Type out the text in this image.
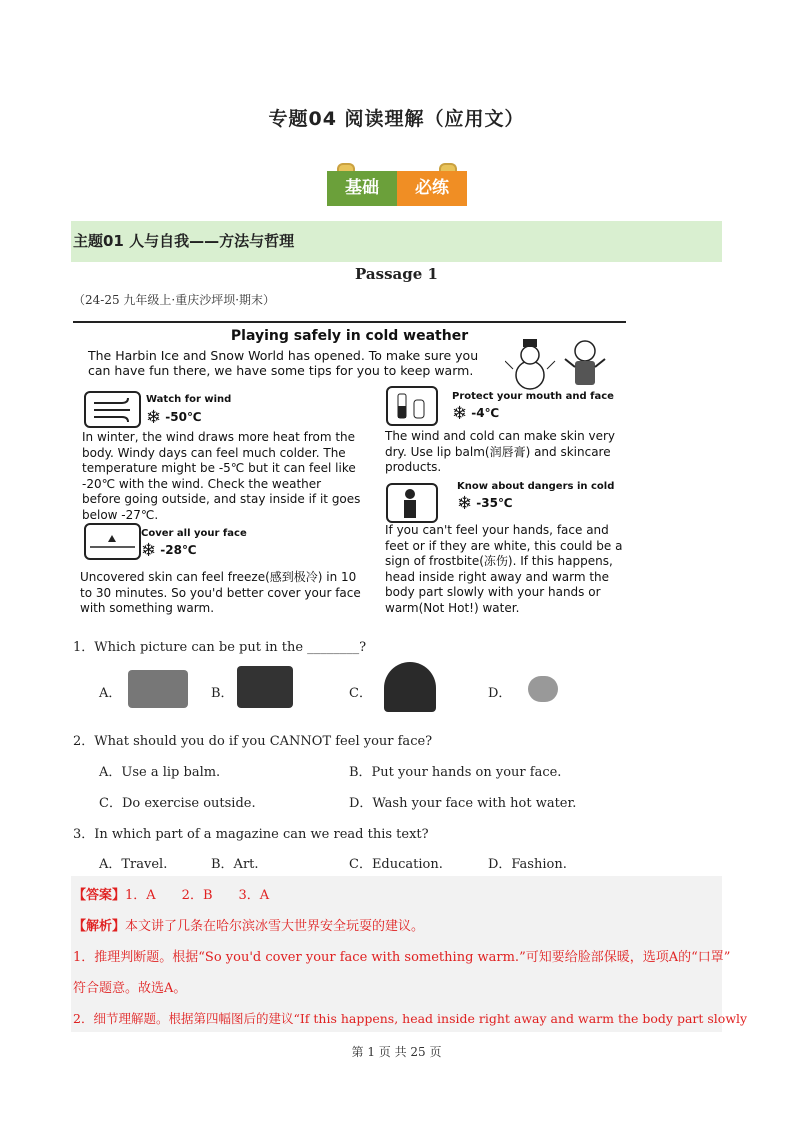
专题04 阅读理解（应用文）
基础	必练
主题01 人与自我——方法与哲理
Passage 1
（24-25 九年级上·重庆沙坪坝·期末）
Playing safely in cold weather
The Harbin Ice and Snow World has opened. To make sure you can have fun there, we have some tips for you to keep warm.
Watch for wind
❄ -50℃
In winter, the wind draws more heat from the body. Windy days can feel much colder. The temperature might be -5℃ but it can feel like -20℃ with the wind. Check the weather before going outside, and stay inside if it goes below -27℃.
Cover all your face
❄ -28℃
Uncovered skin can feel freeze(感到极冷) in 10 to 30 minutes. So you'd better cover your face with something warm.
Protect your mouth and face
❄ -4℃
The wind and cold can make skin very dry. Use lip balm(润唇膏) and skincare products.
Know about dangers in cold
❄ -35℃
If you can't feel your hands, face and feet or if they are white, this could be a sign of frostbite(冻伤). If this happens, head inside right away and warm the body part slowly with your hands or warm(Not Hot!) water.
1．Which picture can be put in the ________?
A．	B．	C．	D．
2．What should you do if you CANNOT feel your face?
A．Use a lip balm.	B．Put your hands on your face.
C．Do exercise outside.	D．Wash your face with hot water.
3．In which part of a magazine can we read this text?
A．Travel.	B．Art.	C．Education.	D．Fashion.
【答案】1．A　　2．B　　3．A
【解析】本文讲了几条在哈尔滨冰雪大世界安全玩耍的建议。
1．推理判断题。根据“So you'd cover your face with something warm.”可知要给脸部保暖，选项A的“口罩”
符合题意。故选A。
2．细节理解题。根据第四幅图后的建议“If this happens, head inside right away and warm the body part slowly
第 1 页 共 25 页
